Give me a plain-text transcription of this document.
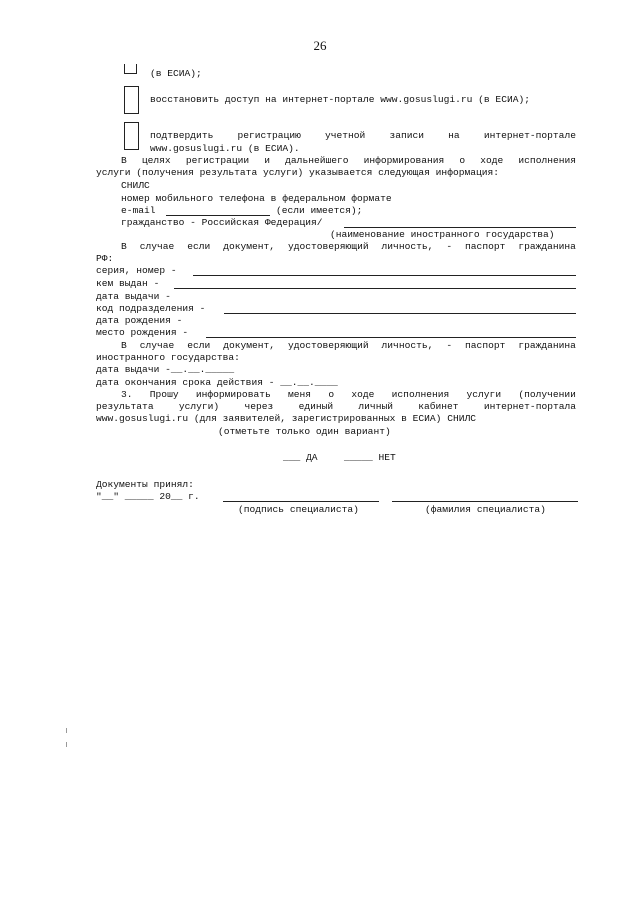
26
(в ЕСИА);
восстановить доступ на интернет-портале www.gosuslugi.ru (в ЕСИА);
подтвердить	регистрацию	учетной	записи	на	интернет-портале
www.gosuslugi.ru (в ЕСИА).
В целях регистрации и дальнейшего информирования о ходе исполнения
услуги (получения результата услуги) указывается следующая информация:
СНИЛС
номер мобильного телефона в федеральном формате
e-mail	(если имеется);
гражданство - Российская Федерация/
(наименование иностранного государства)
В случае если документ, удостоверяющий личность, - паспорт гражданина
РФ:
серия, номер -
кем выдан -
дата выдачи -
код подразделения -
дата рождения -
место рождения -
В случае если документ, удостоверяющий личность, - паспорт гражданина
иностранного государства:
дата выдачи -__.__._____
дата окончания срока действия - __.__.____
3. Прошу информировать меня о ходе исполнения услуги (получении
результата	услуги)	через	единый	личный	кабинет	интернет-портала
www.gosuslugi.ru (для заявителей, зарегистрированных в ЕСИА) СНИЛС
(отметьте только один вариант)
___ ДА	_____ НЕТ
Документы принял:
"__" _____ 20__ г.
(подпись специалиста)	(фамилия специалиста)
